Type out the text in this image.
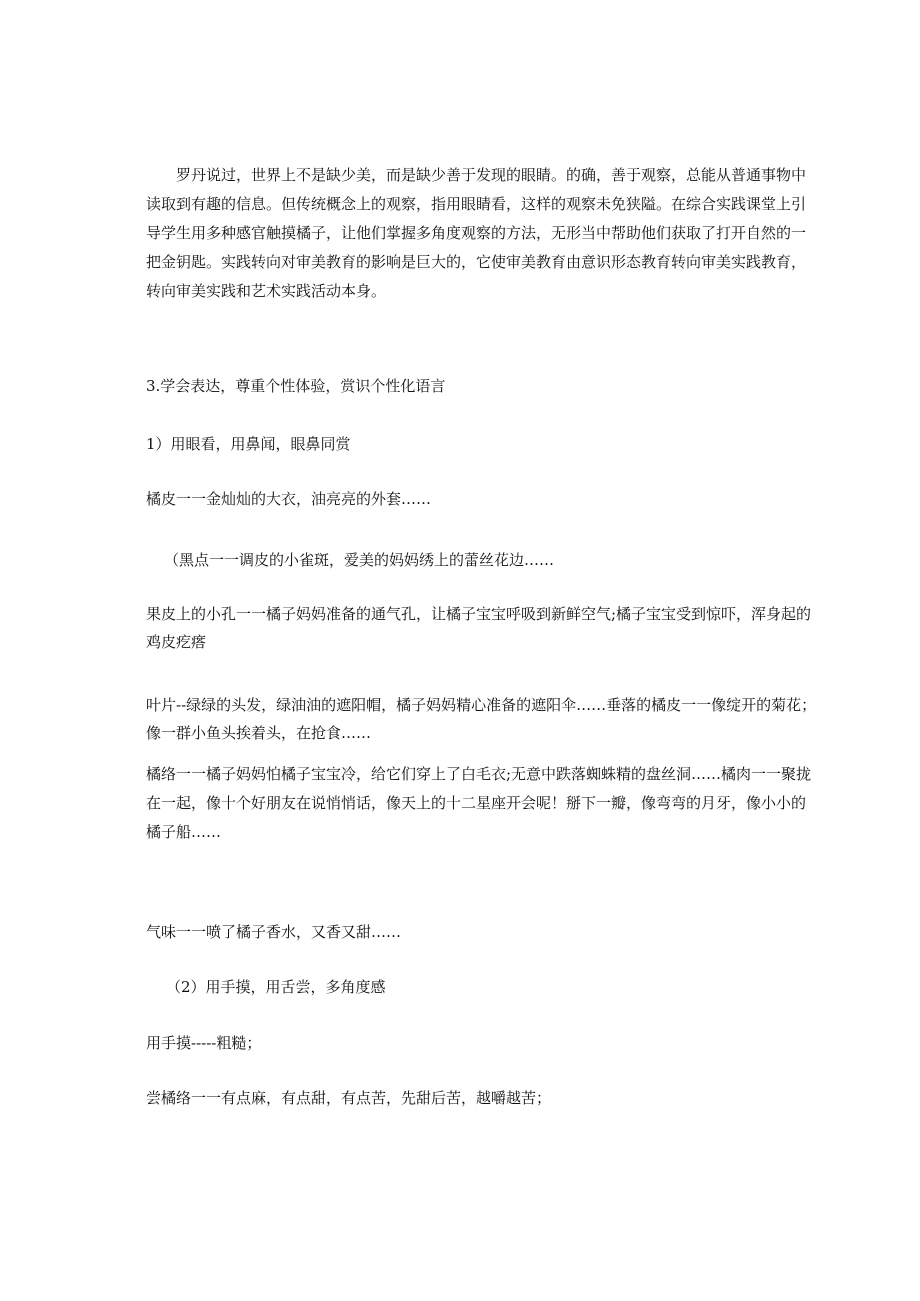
罗丹说过，世界上不是缺少美，而是缺少善于发现的眼睛。的确，善于观察，总能从普通事物中读取到有趣的信息。但传统概念上的观察，指用眼睛看，这样的观察未免狭隘。在综合实践课堂上引导学生用多种感官触摸橘子，让他们掌握多角度观察的方法，无形当中帮助他们获取了打开自然的一把金钥匙。实践转向对审美教育的影响是巨大的，它使审美教育由意识形态教育转向审美实践教育，转向审美实践和艺术实践活动本身。

3.学会表达，尊重个性体验，赏识个性化语言

1）用眼看，用鼻闻，眼鼻同赏

橘皮一一金灿灿的大衣，油亮亮的外套……

（黑点一一调皮的小雀斑，爱美的妈妈绣上的蕾丝花边……

果皮上的小孔一一橘子妈妈准备的通气孔，让橘子宝宝呼吸到新鲜空气;橘子宝宝受到惊吓，浑身起的鸡皮疙瘩

叶片--绿绿的头发，绿油油的遮阳帽，橘子妈妈精心准备的遮阳伞……垂落的橘皮一一像绽开的菊花；像一群小鱼头挨着头，在抢食……

橘络一一橘子妈妈怕橘子宝宝冷，给它们穿上了白毛衣;无意中跌落蜘蛛精的盘丝洞……橘肉一一聚拢在一起，像十个好朋友在说悄悄话，像天上的十二星座开会呢！掰下一瓣，像弯弯的月牙，像小小的橘子船……

气味一一喷了橘子香水，又香又甜……

（2）用手摸，用舌尝，多角度感

用手摸-----粗糙；

尝橘络一一有点麻，有点甜，有点苦，先甜后苦，越嚼越苦；
